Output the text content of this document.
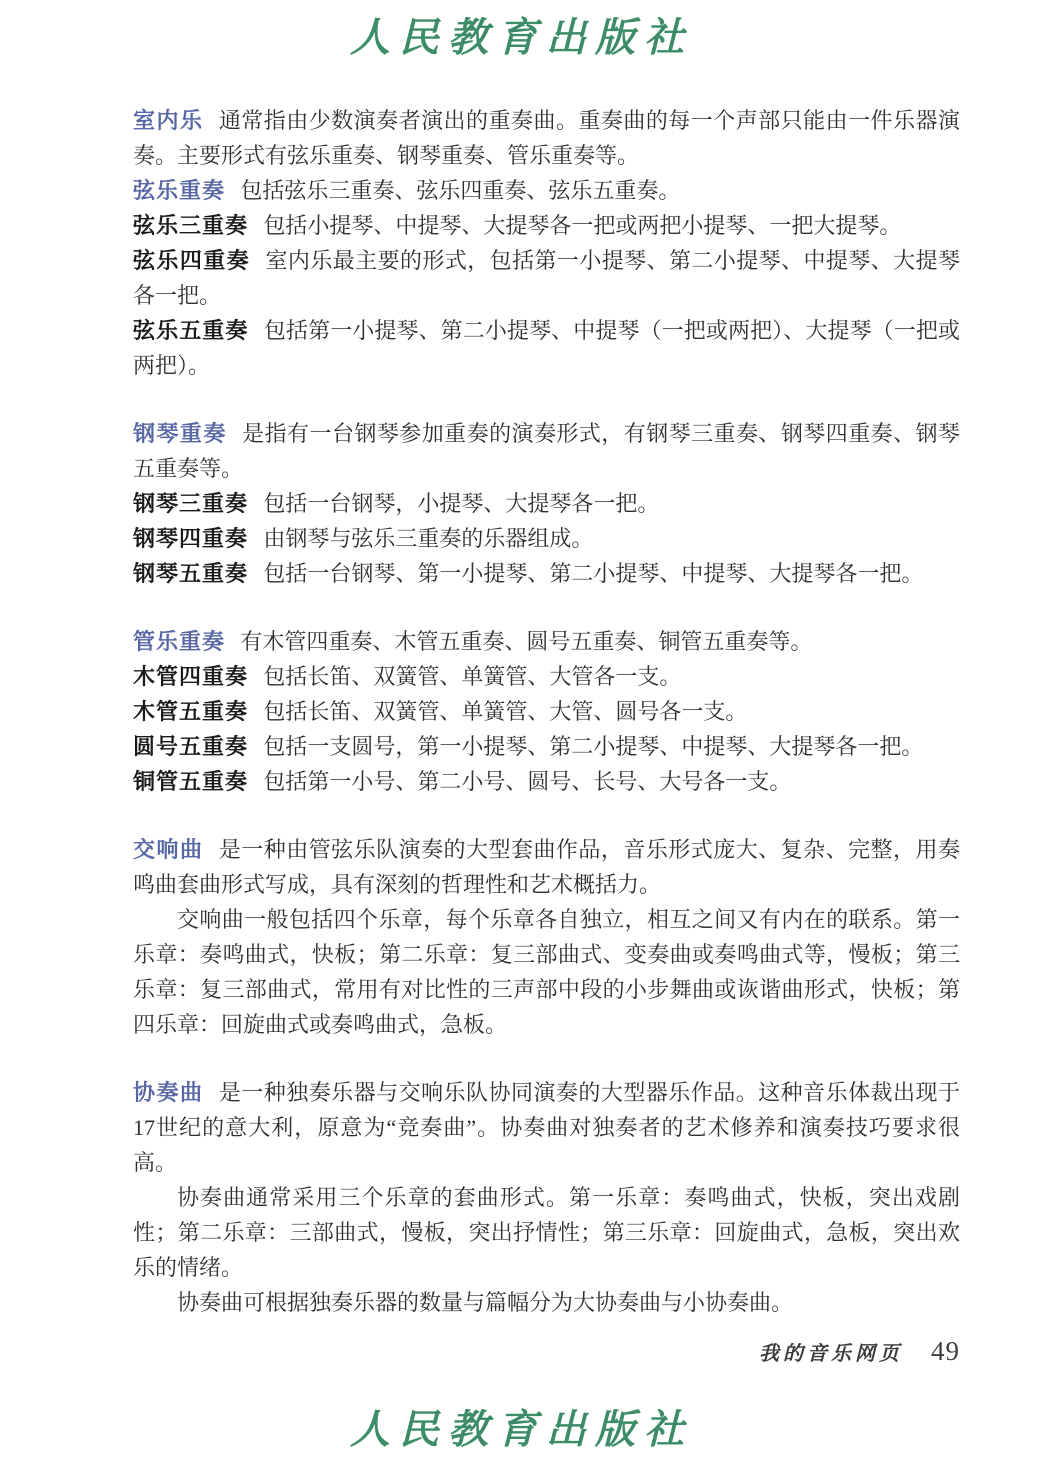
人民教育出版社

室内乐 通常指由少数演奏者演出的重奏曲。重奏曲的每一个声部只能由一件乐器演奏。主要形式有弦乐重奏、钢琴重奏、管乐重奏等。

弦乐重奏 包括弦乐三重奏、弦乐四重奏、弦乐五重奏。

弦乐三重奏 包括小提琴、中提琴、大提琴各一把或两把小提琴、一把大提琴。

弦乐四重奏 室内乐最主要的形式，包括第一小提琴、第二小提琴、中提琴、大提琴各一把。

弦乐五重奏 包括第一小提琴、第二小提琴、中提琴（一把或两把）、大提琴（一把或两把）。

钢琴重奏 是指有一台钢琴参加重奏的演奏形式，有钢琴三重奏、钢琴四重奏、钢琴五重奏等。

钢琴三重奏 包括一台钢琴，小提琴、大提琴各一把。

钢琴四重奏 由钢琴与弦乐三重奏的乐器组成。

钢琴五重奏 包括一台钢琴、第一小提琴、第二小提琴、中提琴、大提琴各一把。

管乐重奏 有木管四重奏、木管五重奏、圆号五重奏、铜管五重奏等。

木管四重奏 包括长笛、双簧管、单簧管、大管各一支。

木管五重奏 包括长笛、双簧管、单簧管、大管、圆号各一支。

圆号五重奏 包括一支圆号，第一小提琴、第二小提琴、中提琴、大提琴各一把。

铜管五重奏 包括第一小号、第二小号、圆号、长号、大号各一支。

交响曲 是一种由管弦乐队演奏的大型套曲作品，音乐形式庞大、复杂、完整，用奏鸣曲套曲形式写成，具有深刻的哲理性和艺术概括力。

交响曲一般包括四个乐章，每个乐章各自独立，相互之间又有内在的联系。第一乐章：奏鸣曲式，快板；第二乐章：复三部曲式、变奏曲或奏鸣曲式等，慢板；第三乐章：复三部曲式，常用有对比性的三声部中段的小步舞曲或诙谐曲形式，快板；第四乐章：回旋曲式或奏鸣曲式，急板。

协奏曲 是一种独奏乐器与交响乐队协同演奏的大型器乐作品。这种音乐体裁出现于17世纪的意大利，原意为“竞奏曲”。协奏曲对独奏者的艺术修养和演奏技巧要求很高。

协奏曲通常采用三个乐章的套曲形式。第一乐章：奏鸣曲式，快板，突出戏剧性；第二乐章：三部曲式，慢板，突出抒情性；第三乐章：回旋曲式，急板，突出欢乐的情绪。

协奏曲可根据独奏乐器的数量与篇幅分为大协奏曲与小协奏曲。

我的音乐网页 49
人民教育出版社
